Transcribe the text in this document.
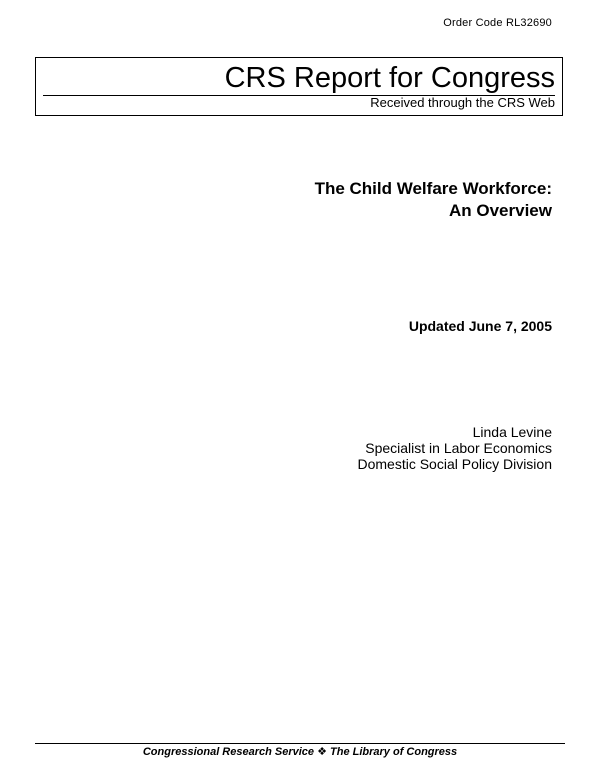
Order Code RL32690
CRS Report for Congress
Received through the CRS Web
The Child Welfare Workforce:
An Overview
Updated June 7, 2005
Linda Levine
Specialist in Labor Economics
Domestic Social Policy Division
Congressional Research Service ❖ The Library of Congress
